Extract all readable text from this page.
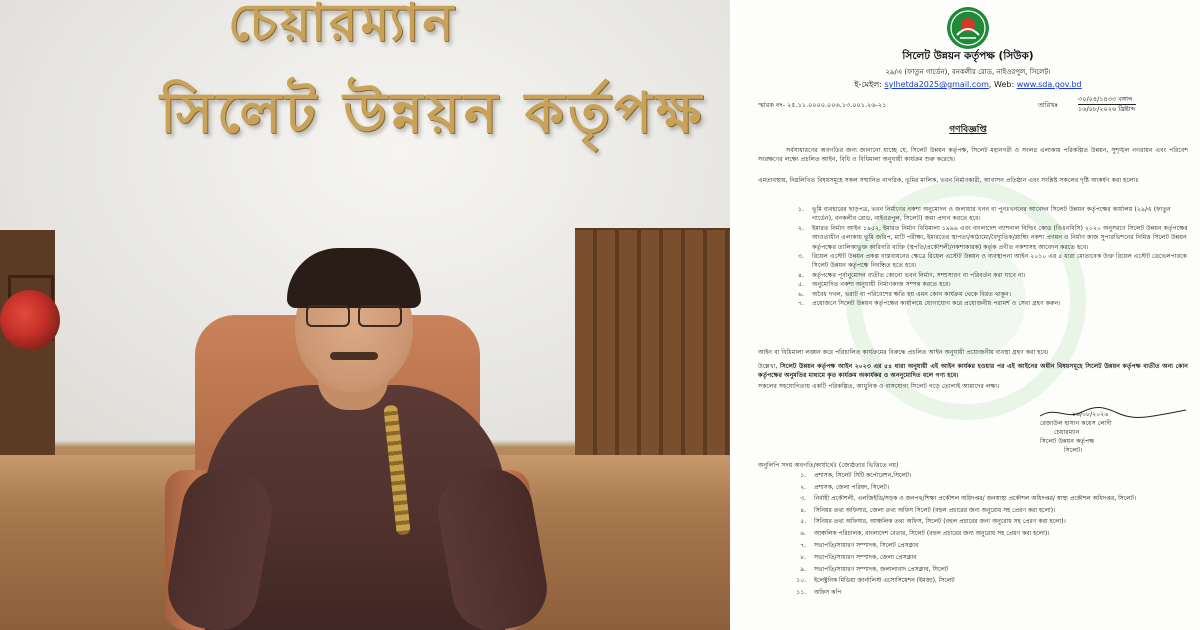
চেয়ারম্যান
সিলেট উন্নয়ন কর্তৃপক্ষ
সিলেট উন্নয়ন কর্তৃপক্ষ (সিউক)
২৯/এ (ফাতুন গার্ডেন), বনকলীর রোড, নাইওরপুল, সিলেট।
ই-মেইল: sylhetda2025@gmail.com, Web: www.sda.gov.bd
স্মারক নং- ২৫.১১.০০০০.০০৬.১৩.০০১.২৬-২১	তারিখঃ
৩০/০৪/১৪৩৩ বঙ্গাব্দ
১৬/০৮/২০২৬ খ্রিষ্টাব্দ
গণবিজ্ঞপ্তি
সর্বসাধারণের অবগতির জন্য জানানো যাচ্ছে যে, সিলেট উন্নয়ন কর্তৃপক্ষ, সিলেট মহানগরী ও সংলগ্ন এলাকায় পরিকল্পিত উন্নয়ন, সুশৃঙ্খল নগরায়ন এবং পরিবেশ সংরক্ষণের লক্ষ্যে প্রচলিত আইন, বিধি ও বিধিমালা অনুযায়ী কার্যক্রম শুরু করেছে।
এমতাবস্থায়, নিম্নলিখিত বিষয়সমূহে সকল সম্মানিত নাগরিক, ভূমির মালিক, ভবন নির্মাণকারী, আবাসন প্রতিষ্ঠান এবং সংশ্লিষ্ট সকলের দৃষ্টি আকর্ষণ করা হলোঃ
১.	ভূমি ব্যবহারের ছাড়পত্র, ভবন নির্মাণের নকশা অনুমোদন ও জলাধার খনন বা পুনঃখননের আবেদন সিলেট উন্নয়ন কর্তৃপক্ষের কার্যালয় (২৯/এ (ফাতুন গার্ডেন), বনকলীর রোড, নাইওরপুল, সিলেট) জমা প্রদান করতে হবে।
২.	ইমারত নির্মাণ আইন ১৯৫২, ইমারত নির্মাণ বিধিমালা ১৯৯৬ এবং বাংলাদেশ ন্যাশনাল বিল্ডিং কোড (বিএনবিসি) ২০২০ অনুসরণে সিলেট উন্নয়ন কর্তৃপক্ষের আওতাধীন এলাকায় ভূমি জরিপ, মাটি পরীক্ষা, ইমারতের স্থাপত্য/কাঠামো/বৈদ্যুতিক/প্লাম্বিং নকশা প্রণয়ন ও নির্মাণ কাজ সুপারভিশনের নিমিত্ত সিলেট উন্নয়ন কর্তৃপক্ষের তালিকাভুক্ত কারিগরি ব্যক্তি (স্থপতি/প্রকৌশলী/নকশাকারক) কর্তৃক প্রণীত নকশাসহ আবেদন করতে হবে।
৩.	রিয়েল এস্টেট উন্নয়ন প্রকল্প বাস্তবায়নের ক্ষেত্রে রিয়েল এস্টেট উন্নয়ন ও ব্যবস্থাপনা আইন ২০১০ এর ৫ ধারা মোতাবেক উক্ত রিয়েল এস্টেট ডেভেলপারকে সিলেট উন্নয়ন কর্তৃপক্ষে নিবন্ধিত হতে হবে।
৪.	কর্তৃপক্ষের পূর্বানুমোদন ব্যতীত কোনো ভবন নির্মাণ, সম্প্রসারণ বা পরিবর্তন করা যাবে না।
৫.	অনুমোদিত নকশা অনুযায়ী নির্মাণকাজ সম্পন্ন করতে হবে।
৬.	অবৈধ দখল, ভরাট বা পরিবেশের ক্ষতি হয় এমন কোন কার্যক্রম থেকে বিরত থাকুন।
৭.	প্রয়োজনে সিলেট উন্নয়ন কর্তৃপক্ষের কার্যালয়ে যোগাযোগ করে প্রয়োজনীয় পরামর্শ ও সেবা গ্রহণ করুন।
আইন বা বিধিমালা লঙ্ঘন করে পরিচালিত কার্যক্রমের বিরুদ্ধে প্রচলিত আইন অনুযায়ী প্রয়োজনীয় ব্যবস্থা গ্রহণ করা হবে।
উল্লেখ্য, সিলেট উন্নয়ন কর্তৃপক্ষ আইন ২০২৩ এর ৫৪ ধারা অনুযায়ী এই আইন কার্যকর হওয়ার পর এই আইনের অধীন বিষয়সমূহে সিলেট উন্নয়ন কর্তৃপক্ষ ব্যতীত অন্য কোন কর্তৃপক্ষের অনুমতির মাধ্যমে কৃত কার্যক্রম অকার্যকর ও অননুমোদিত বলে গণ্য হবে।
সকলের সহযোগিতায় একটি পরিকল্পিত, আধুনিক ও বাসযোগ্য সিলেট গড়ে তোলাই আমাদের লক্ষ্য।
১৬/০৮/২০২৬
রেজাউল হাসান কয়েস লোদী
চেয়ারম্যান
সিলেট উন্নয়ন কর্তৃপক্ষ
সিলেট।
অনুলিপি সদয় অবগতি/কার্যার্থেঃ (জ্যেষ্ঠতার ভিত্তিতে নয়)
১.	প্রশাসক, সিলেট সিটি কর্পোরেশন,সিলেট।
২.	প্রশাসক, জেলা পরিষদ, সিলেট।
৩.	নির্বাহী প্রকৌশলী, এলজিইডি/সড়ক ও জনপথ/শিক্ষা প্রকৌশল অধিদপ্তর/ জনস্বাস্থ্য প্রকৌশল অধিদপ্তর/ স্বাস্থ্য প্রকৌশল অধিদপ্তর, সিলেট।
৪.	সিনিয়র তথ্য অফিসার, জেলা তথ্য অফিস সিলেট (বহুল প্রচারের জন্য অনুরোধ সহ প্রেরণ করা হলো)।
৫.	সিনিয়র তথ্য অফিসার, আঞ্চলিক তথ্য অফিস, সিলেট (বহুল প্রচারের জন্য অনুরোধ সহ প্রেরণ করা হলো)।
৬.	আঞ্চলিক পরিচালক, বাংলাদেশ বেতার, সিলেট (বহুল প্রচারের জন্য অনুরোধ সহ প্রেরণ করা হলো)।
৭.	সভাপতি/সাধারণ সম্পাদক, সিলেট প্রেসক্লাব
৮.	সভাপতি/সাধারণ সম্পাদক, জেলা প্রেসক্লাব
৯.	সভাপতি/সাধারণ সম্পাদক, জলালাবাদ প্রেসক্লাব, সিলেট
১০.	ইলেক্ট্রনিক মিডিয়া জার্নালিস্ট এসোসিয়েশন (ইমজা), সিলেট
১১.	অফিস কপি
